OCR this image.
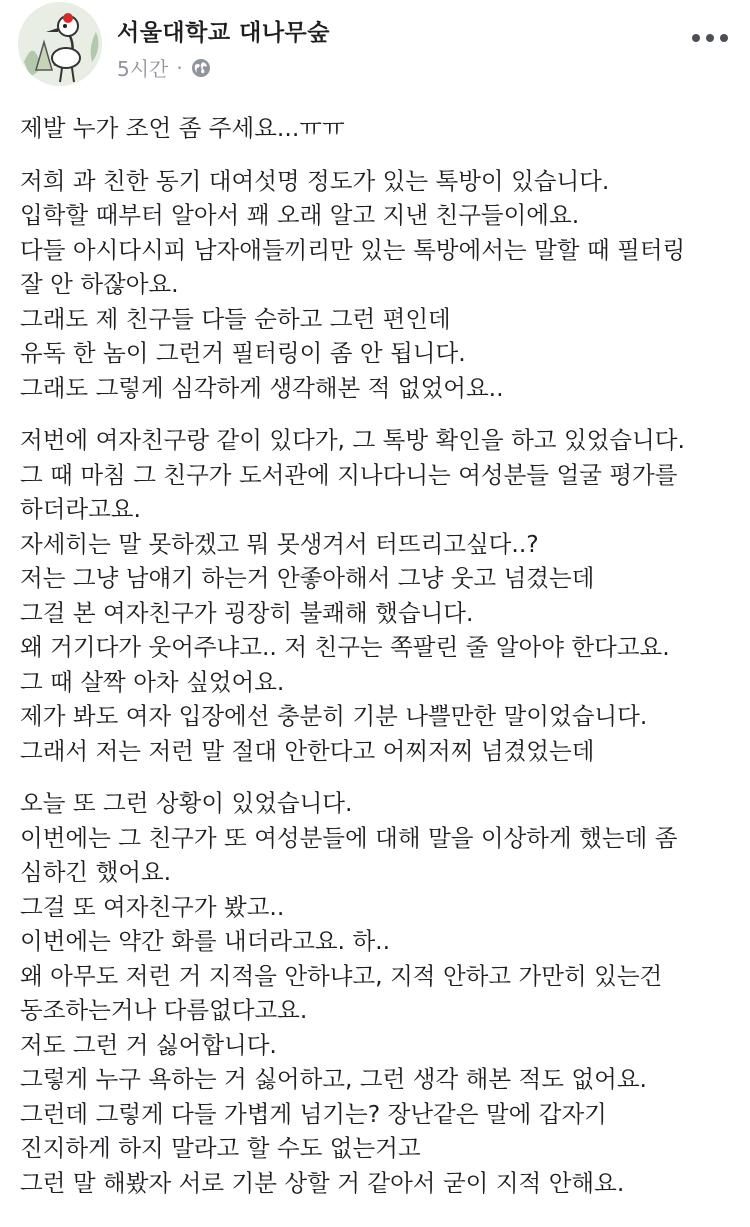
서울대학교 대나무숲
5시간 ·
제발 누가 조언 좀 주세요...ㅠㅠ
저희 과 친한 동기 대여섯명 정도가 있는 톡방이 있습니다.
입학할 때부터 알아서 꽤 오래 알고 지낸 친구들이에요.
다들 아시다시피 남자애들끼리만 있는 톡방에서는 말할 때 필터링
잘 안 하잖아요.
그래도 제 친구들 다들 순하고 그런 편인데
유독 한 놈이 그런거 필터링이 좀 안 됩니다.
그래도 그렇게 심각하게 생각해본 적 없었어요..
저번에 여자친구랑 같이 있다가, 그 톡방 확인을 하고 있었습니다.
그 때 마침 그 친구가 도서관에 지나다니는 여성분들 얼굴 평가를
하더라고요.
자세히는 말 못하겠고 뭐 못생겨서 터뜨리고싶다..?
저는 그냥 남얘기 하는거 안좋아해서 그냥 웃고 넘겼는데
그걸 본 여자친구가 굉장히 불쾌해 했습니다.
왜 거기다가 웃어주냐고.. 저 친구는 쪽팔린 줄 알아야 한다고요.
그 때 살짝 아차 싶었어요.
제가 봐도 여자 입장에선 충분히 기분 나쁠만한 말이었습니다.
그래서 저는 저런 말 절대 안한다고 어찌저찌 넘겼었는데
오늘 또 그런 상황이 있었습니다.
이번에는 그 친구가 또 여성분들에 대해 말을 이상하게 했는데 좀
심하긴 했어요.
그걸 또 여자친구가 봤고..
이번에는 약간 화를 내더라고요. 하..
왜 아무도 저런 거 지적을 안하냐고, 지적 안하고 가만히 있는건
동조하는거나 다름없다고요.
저도 그런 거 싫어합니다.
그렇게 누구 욕하는 거 싫어하고, 그런 생각 해본 적도 없어요.
그런데 그렇게 다들 가볍게 넘기는? 장난같은 말에 갑자기
진지하게 하지 말라고 할 수도 없는거고
그런 말 해봤자 서로 기분 상할 거 같아서 굳이 지적 안해요.
